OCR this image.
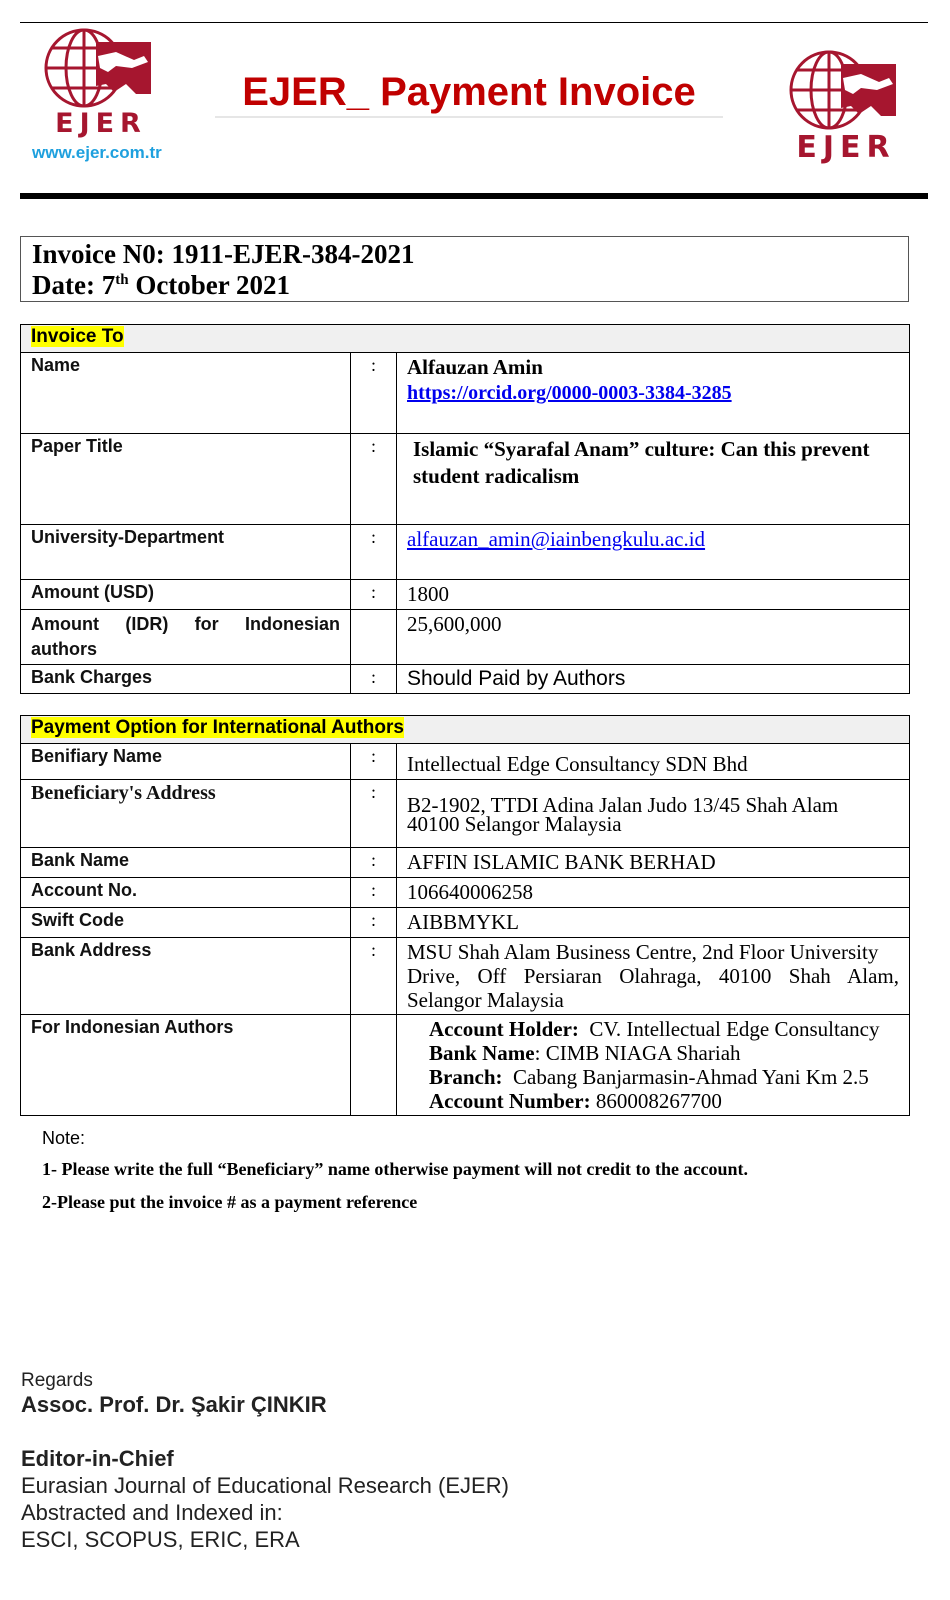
EJER
www.ejer.com.tr
EJER_ Payment Invoice
EJER
Invoice N0: 1911-EJER-384-2021
Date: 7th October 2021
Invoice To		
Name	:	Alfauzan Amin
https://orcid.org/0000-0003-3384-3285
Paper Title	:	Islamic “Syarafal Anam” culture: Can this prevent student radicalism
University-Department	:	alfauzan_amin@iainbengkulu.ac.id
Amount (USD)	:	1800
Amount (IDR) for Indonesian authors		25,600,000
Bank Charges	:	Should Paid by Authors
Payment Option for International Authors		
Benifiary Name	:	Intellectual Edge Consultancy SDN Bhd
Beneficiary's Address	:	B2-1902, TTDI Adina Jalan Judo 13/45 Shah Alam
40100 Selangor Malaysia

Bank Name	:	AFFIN ISLAMIC BANK BERHAD
Account No.	:	106640006258
Swift Code	:	AIBBMYKL
Bank Address	:	MSU Shah Alam Business Centre, 2nd Floor University
Drive, Off Persiaran Olahraga, 40100 Shah Alam,
Selangor Malaysia

For Indonesian Authors		Account Holder: CV. Intellectual Edge Consultancy
Bank Name: CIMB NIAGA Shariah
Branch: Cabang Banjarmasin-Ahmad Yani Km 2.5
Account Number: 860008267700
Note:
1- Please write the full “Beneficiary” name otherwise payment will not credit to the account.
2-Please put the invoice # as a payment reference
Regards
Assoc. Prof. Dr. Şakir ÇINKIR
Editor-in-Chief
Eurasian Journal of Educational Research (EJER)
Abstracted and Indexed in:
ESCI, SCOPUS, ERIC, ERA
